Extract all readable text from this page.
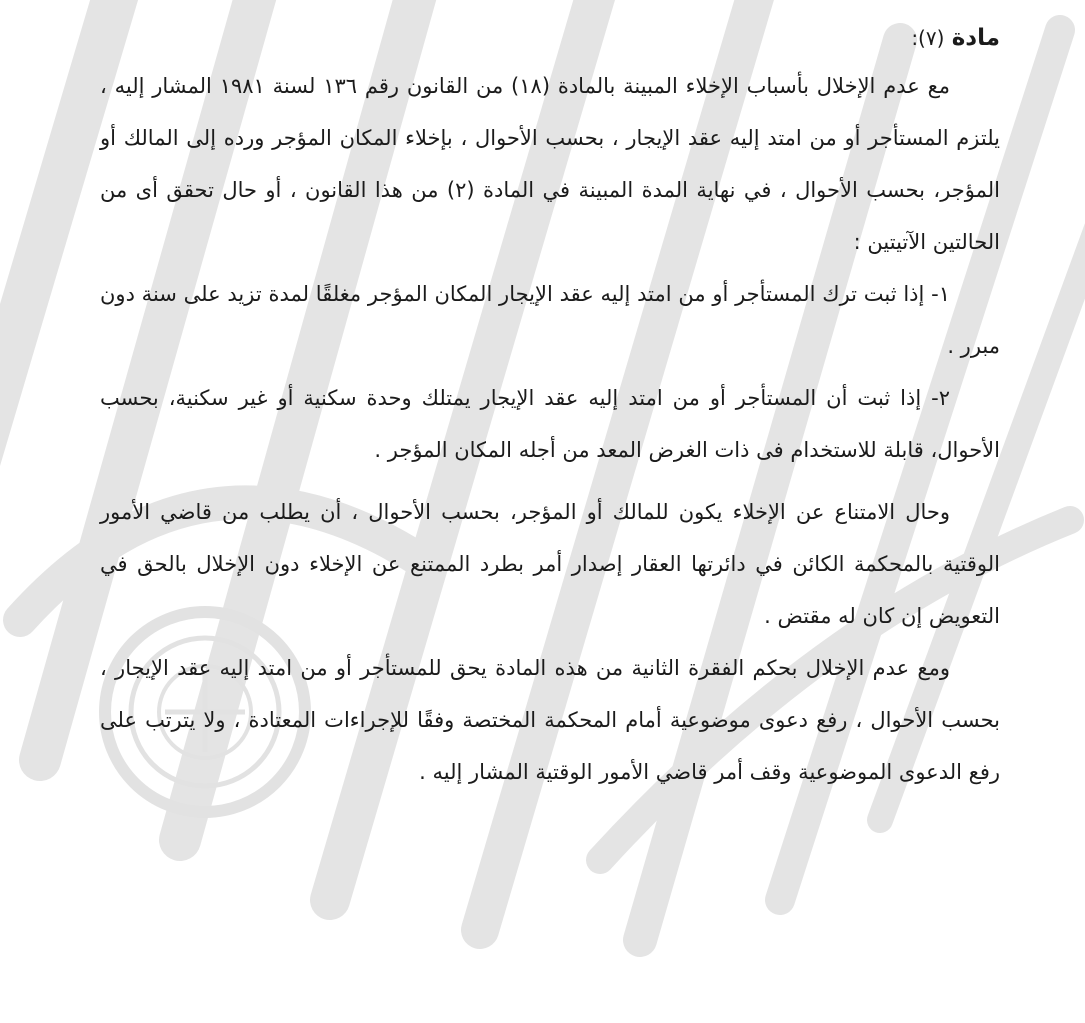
مادة (٧):

مع عدم الإخلال بأسباب الإخلاء المبينة بالمادة (١٨) من القانون رقم ١٣٦ لسنة ١٩٨١ المشار إليه ، يلتزم المستأجر أو من امتد إليه عقد الإيجار ، بحسب الأحوال ، بإخلاء المكان المؤجر ورده إلى المالك أو المؤجر، بحسب الأحوال ، في نهاية المدة المبينة في المادة (٢) من هذا القانون ، أو حال تحقق أى من الحالتين الآتيتين :

١- إذا ثبت ترك المستأجر أو من امتد إليه عقد الإيجار المكان المؤجر مغلقًا لمدة تزيد على سنة دون مبرر .

٢- إذا ثبت أن المستأجر أو من امتد إليه عقد الإيجار يمتلك وحدة سكنية أو غير سكنية، بحسب الأحوال، قابلة للاستخدام فى ذات الغرض المعد من أجله المكان المؤجر .

وحال الامتناع عن الإخلاء يكون للمالك أو المؤجر، بحسب الأحوال ، أن يطلب من قاضي الأمور الوقتية بالمحكمة الكائن في دائرتها العقار إصدار أمر بطرد الممتنع عن الإخلاء دون الإخلال بالحق في التعويض إن كان له مقتض .

ومع عدم الإخلال بحكم الفقرة الثانية من هذه المادة يحق للمستأجر أو من امتد إليه عقد الإيجار ، بحسب الأحوال ، رفع دعوى موضوعية أمام المحكمة المختصة وفقًا للإجراءات المعتادة ، ولا يترتب على رفع الدعوى الموضوعية وقف أمر قاضي الأمور الوقتية المشار إليه .
